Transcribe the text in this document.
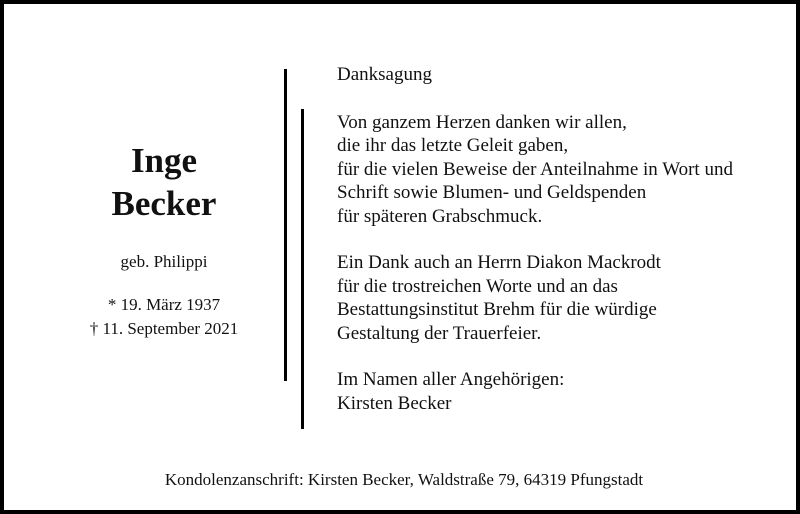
Inge
Becker
geb. Philippi
* 19. März 1937
† 11. September 2021

Danksagung

Von ganzem Herzen danken wir allen,
die ihr das letzte Geleit gaben,
für die vielen Beweise der Anteilnahme in Wort und
Schrift sowie Blumen- und Geldspenden
für späteren Grabschmuck.

Ein Dank auch an Herrn Diakon Mackrodt
für die trostreichen Worte und an das
Bestattungsinstitut Brehm für die würdige
Gestaltung der Trauerfeier.

Im Namen aller Angehörigen:
Kirsten Becker

Kondolenzanschrift: Kirsten Becker, Waldstraße 79, 64319 Pfungstadt
